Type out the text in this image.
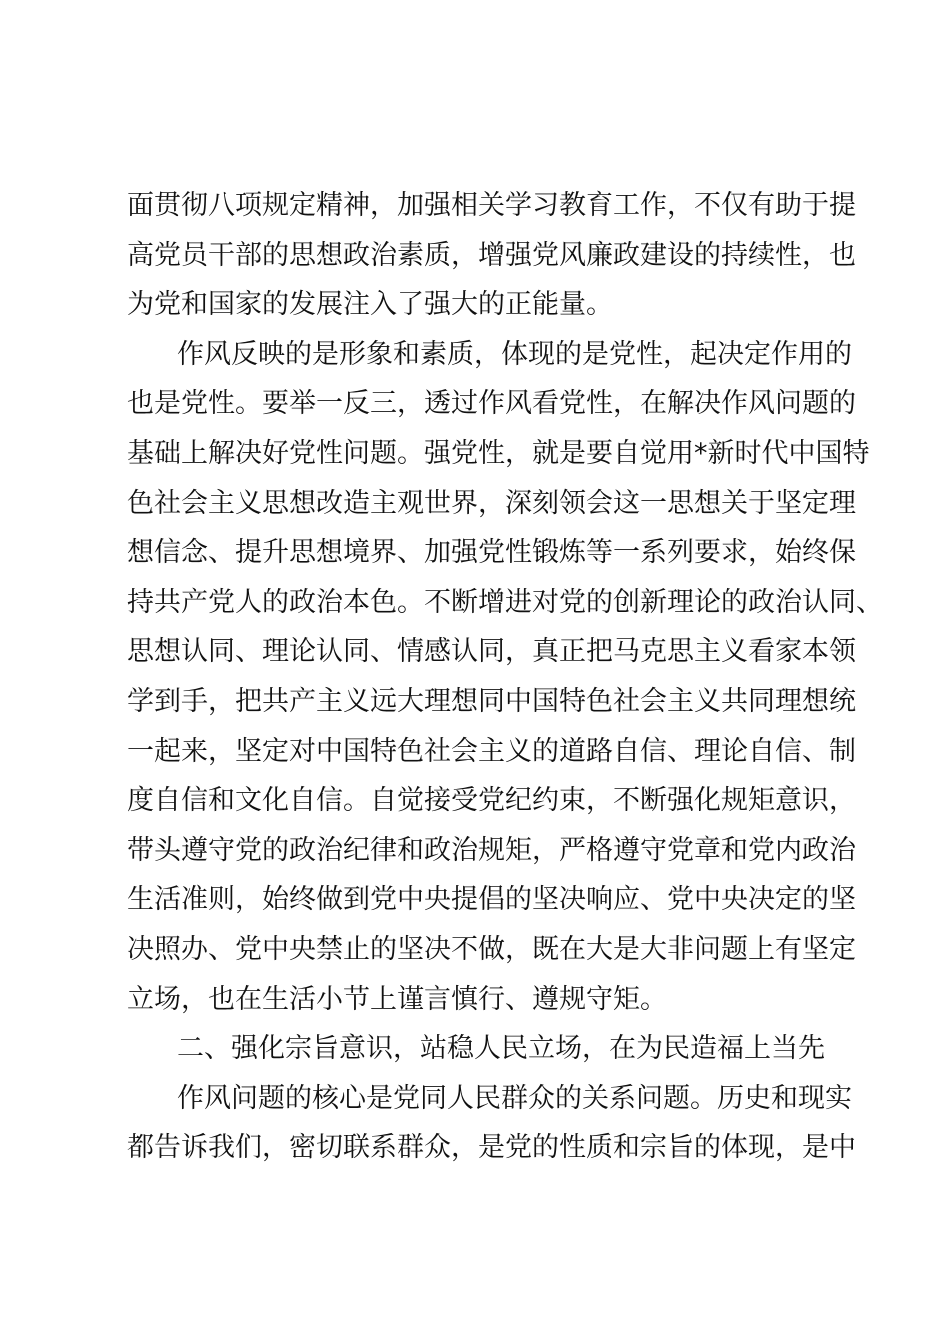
面贯彻八项规定精神，加强相关学习教育工作，不仅有助于提
高党员干部的思想政治素质，增强党风廉政建设的持续性，也
为党和国家的发展注入了强大的正能量。
作风反映的是形象和素质，体现的是党性，起决定作用的
也是党性。要举一反三，透过作风看党性，在解决作风问题的
基础上解决好党性问题。强党性，就是要自觉用*新时代中国特
色社会主义思想改造主观世界，深刻领会这一思想关于坚定理
想信念、提升思想境界、加强党性锻炼等一系列要求，始终保
持共产党人的政治本色。不断增进对党的创新理论的政治认同、
思想认同、理论认同、情感认同，真正把马克思主义看家本领
学到手，把共产主义远大理想同中国特色社会主义共同理想统
一起来，坚定对中国特色社会主义的道路自信、理论自信、制
度自信和文化自信。自觉接受党纪约束，不断强化规矩意识，
带头遵守党的政治纪律和政治规矩，严格遵守党章和党内政治
生活准则，始终做到党中央提倡的坚决响应、党中央决定的坚
决照办、党中央禁止的坚决不做，既在大是大非问题上有坚定
立场，也在生活小节上谨言慎行、遵规守矩。
二、强化宗旨意识，站稳人民立场，在为民造福上当先
作风问题的核心是党同人民群众的关系问题。历史和现实
都告诉我们，密切联系群众，是党的性质和宗旨的体现，是中
